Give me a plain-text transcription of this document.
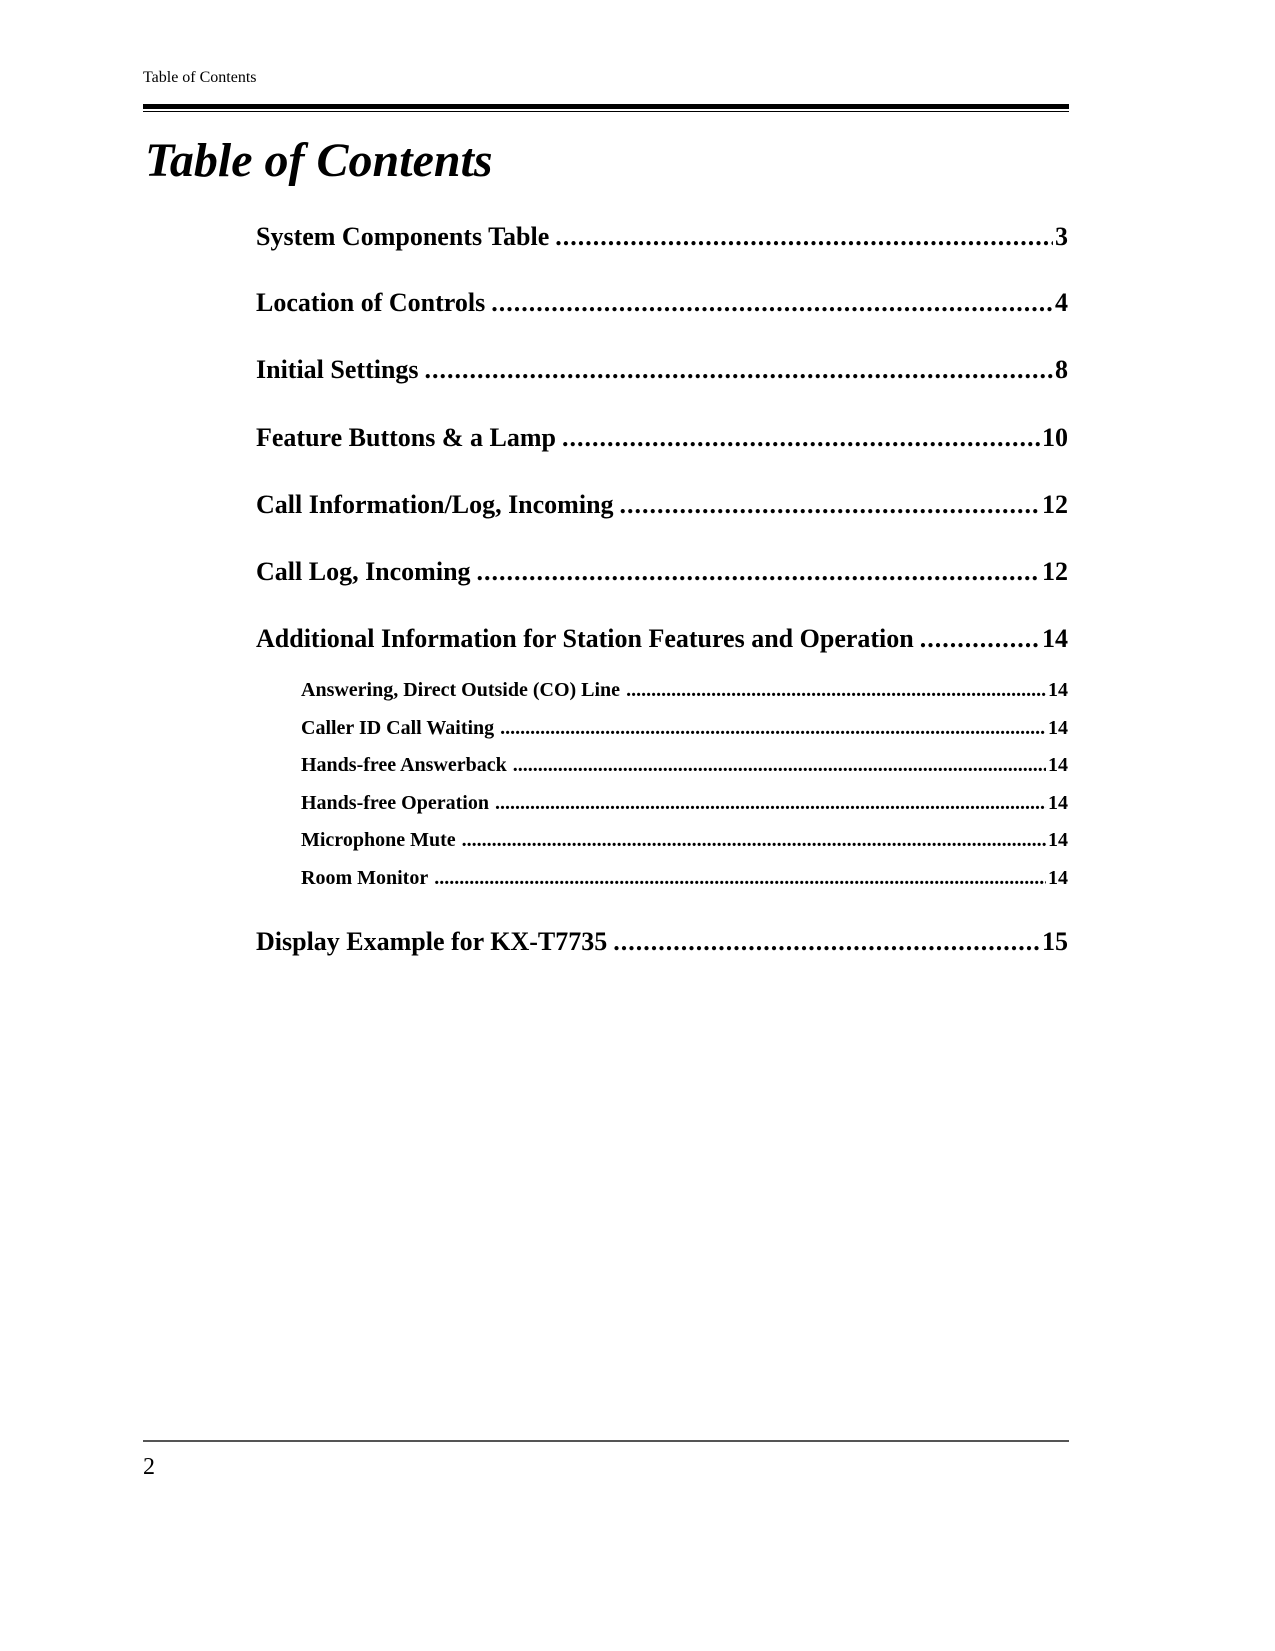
Table of Contents
Table of Contents
System Components Table .....	3
Location of Controls .....	4
Initial Settings .....	8
Feature Buttons & a Lamp .....	10
Call Information/Log, Incoming .....	12
Call Log, Incoming .....	12
Additional Information for Station Features and Operation .....	14
Answering, Direct Outside (CO) Line .....	14
Caller ID Call Waiting .....	14
Hands-free Answerback .....	14
Hands-free Operation .....	14
Microphone Mute .....	14
Room Monitor .....	14
Display Example for KX-T7735 .....	15
2
